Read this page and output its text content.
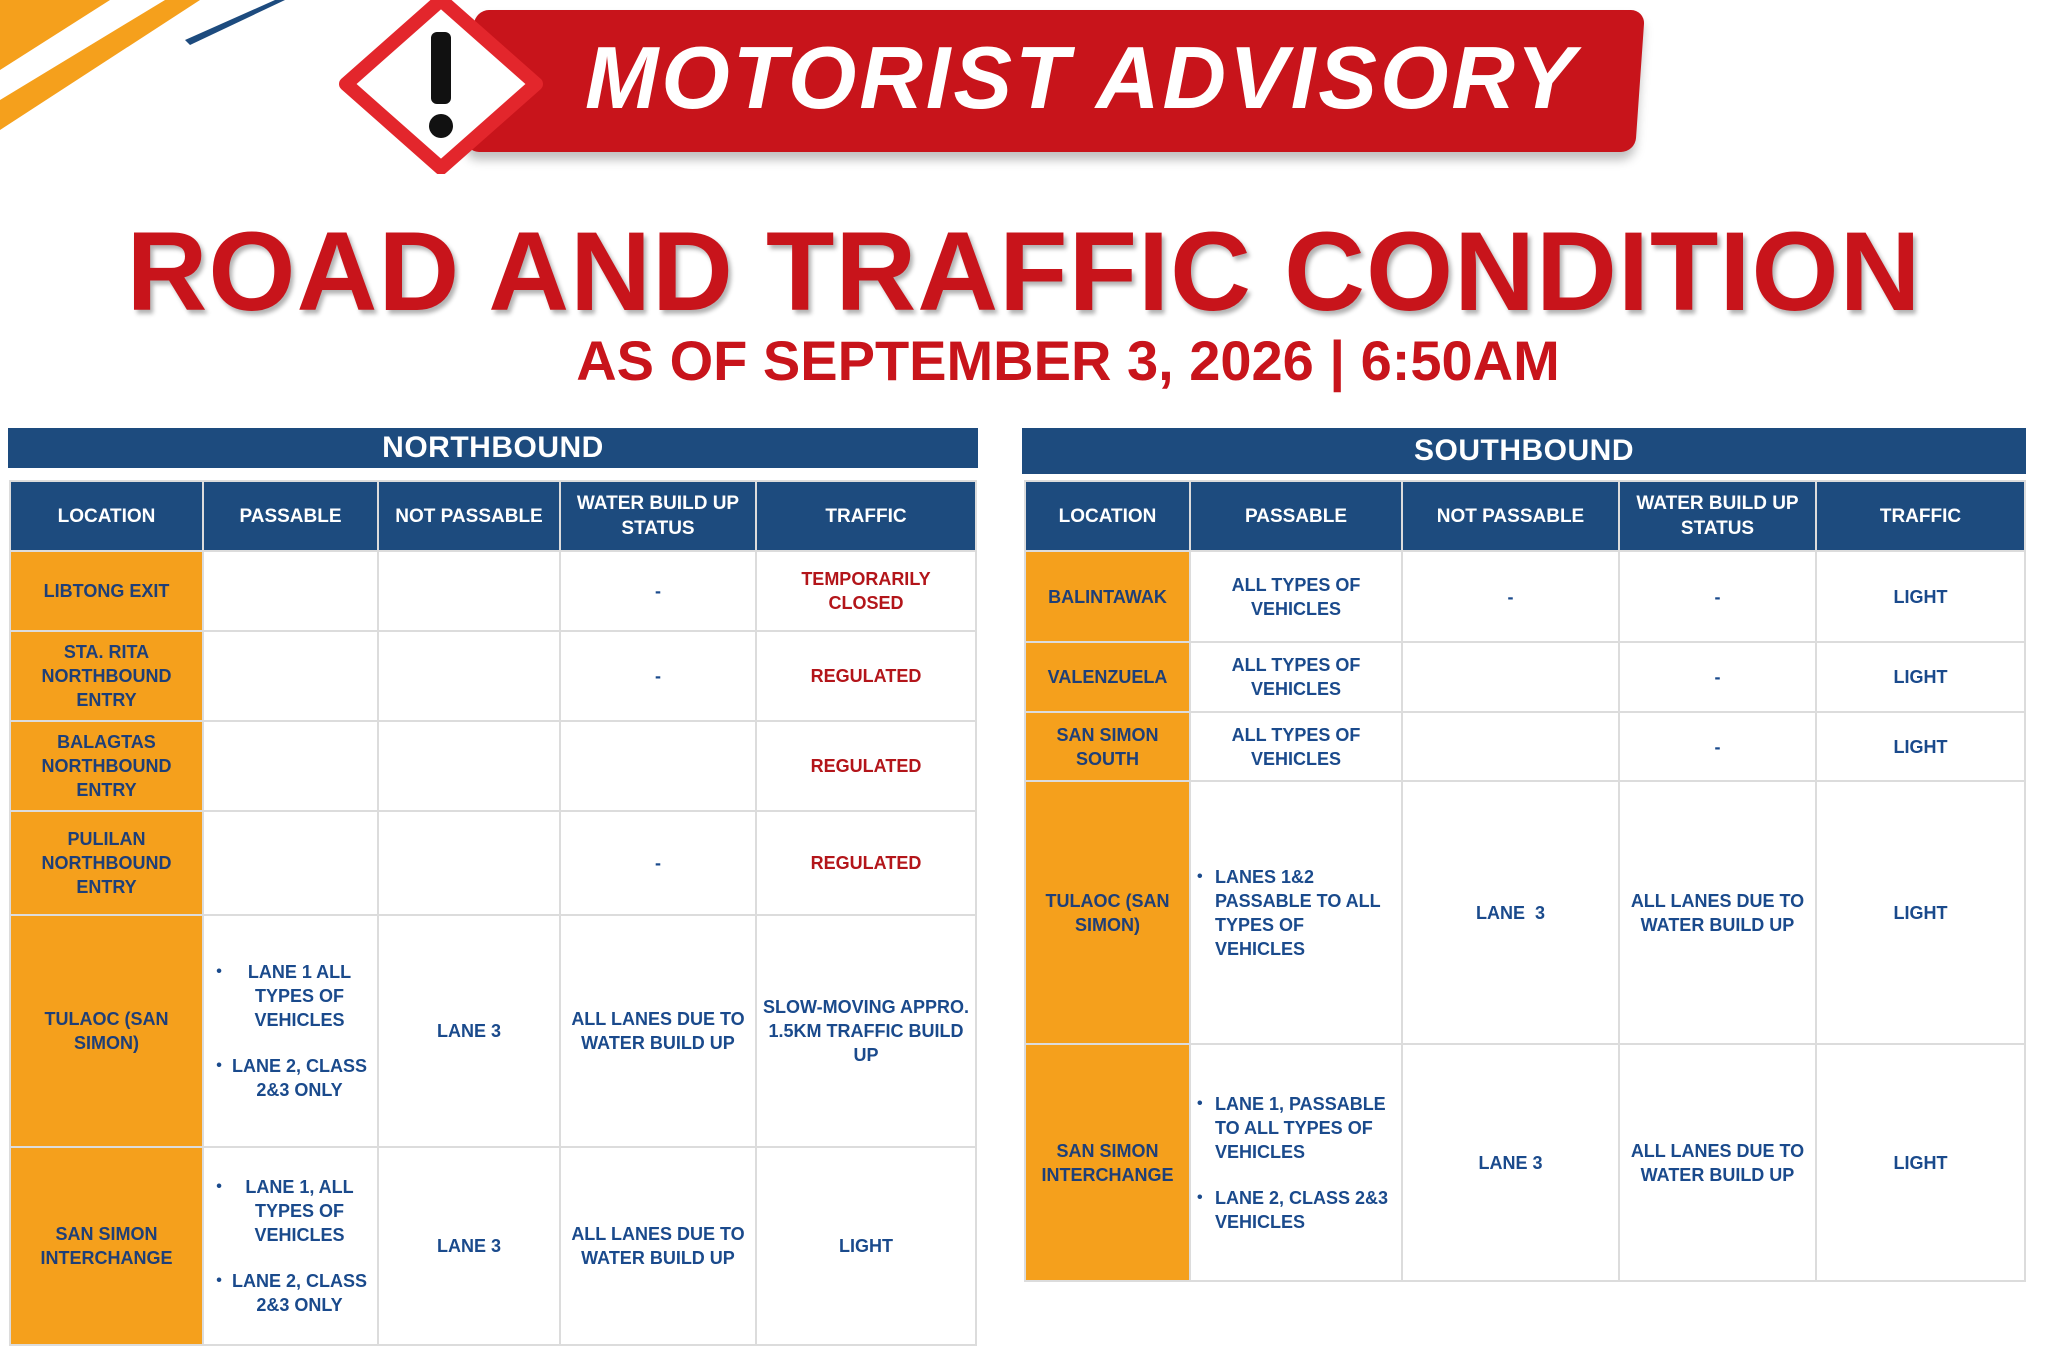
MOTORIST ADVISORY
ROAD AND TRAFFIC CONDITION
AS OF SEPTEMBER 3, 2026 | 6:50AM
NORTHBOUND
LOCATION	PASSABLE	NOT PASSABLE	WATER BUILD UP STATUS	TRAFFIC
LIBTONG EXIT			-	TEMPORARILY CLOSED
STA. RITA NORTHBOUND ENTRY			-	REGULATED
BALAGTAS NORTHBOUND ENTRY				REGULATED
PULILAN NORTHBOUND ENTRY			-	REGULATED
TULAOC (SAN SIMON)	• LANE 1 ALL TYPES OF VEHICLES
• LANE 2, CLASS 2&3 ONLY	LANE 3	ALL LANES DUE TO WATER BUILD UP	SLOW-MOVING APPRO. 1.5KM TRAFFIC BUILD UP
SAN SIMON INTERCHANGE	• LANE 1, ALL TYPES OF VEHICLES
• LANE 2, CLASS 2&3 ONLY	LANE 3	ALL LANES DUE TO WATER BUILD UP	LIGHT
SOUTHBOUND
LOCATION	PASSABLE	NOT PASSABLE	WATER BUILD UP STATUS	TRAFFIC
BALINTAWAK	ALL TYPES OF VEHICLES	-	-	LIGHT
VALENZUELA	ALL TYPES OF VEHICLES		-	LIGHT
SAN SIMON SOUTH	ALL TYPES OF VEHICLES		-	LIGHT
TULAOC (SAN SIMON)	• LANES 1&2 PASSABLE TO ALL TYPES OF VEHICLES	LANE  3	ALL LANES DUE TO WATER BUILD UP	LIGHT
SAN SIMON INTERCHANGE	• LANE 1, PASSABLE TO ALL TYPES OF VEHICLES
• LANE 2, CLASS 2&3 VEHICLES	LANE 3	ALL LANES DUE TO WATER BUILD UP	LIGHT
